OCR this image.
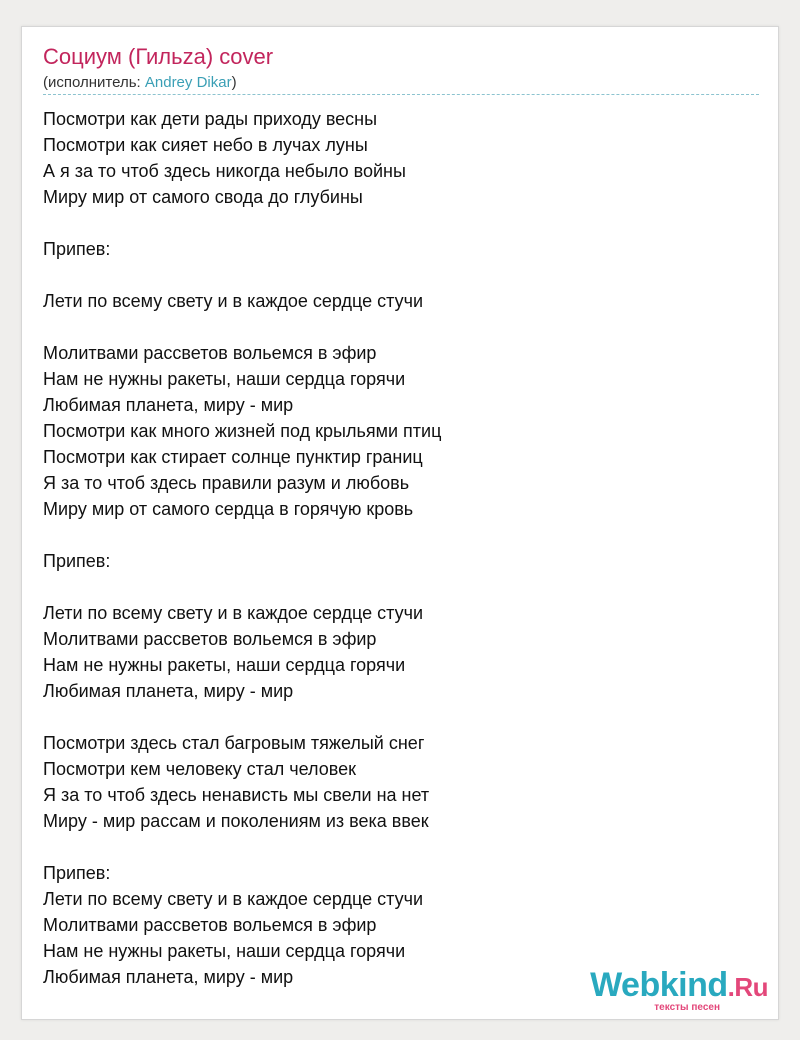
Социум (Гильzа) cover
(исполнитель: Andrey Dikar)
Посмотри как дети рады приходу весны
Посмотри как сияет небо в лучах луны
А я за то чтоб здесь никогда небыло войны
Миру мир от самого свода до глубины
Припев:
Лети по всему свету и в каждое сердце стучи
Молитвами рассветов вольемся в эфир
Нам не нужны ракеты, наши сердца горячи
Любимая планета, миру - мир
Посмотри как много жизней под крыльями птиц
Посмотри как стирает солнце пунктир границ
Я за то чтоб здесь правили разум и любовь
Миру мир от самого сердца в горячую кровь
Припев:
Лети по всему свету и в каждое сердце стучи
Молитвами рассветов вольемся в эфир
Нам не нужны ракеты, наши сердца горячи
Любимая планета, миру - мир
Посмотри здесь стал багровым тяжелый снег
Посмотри кем человеку стал человек
Я за то чтоб здесь ненависть мы свели на нет
Миру - мир рассам и поколениям из века ввек
Припев:
Лети по всему свету и в каждое сердце стучи
Молитвами рассветов вольемся в эфир
Нам не нужны ракеты, наши сердца горячи
Любимая планета, миру - мир	Webkind.Ru
тексты песен
